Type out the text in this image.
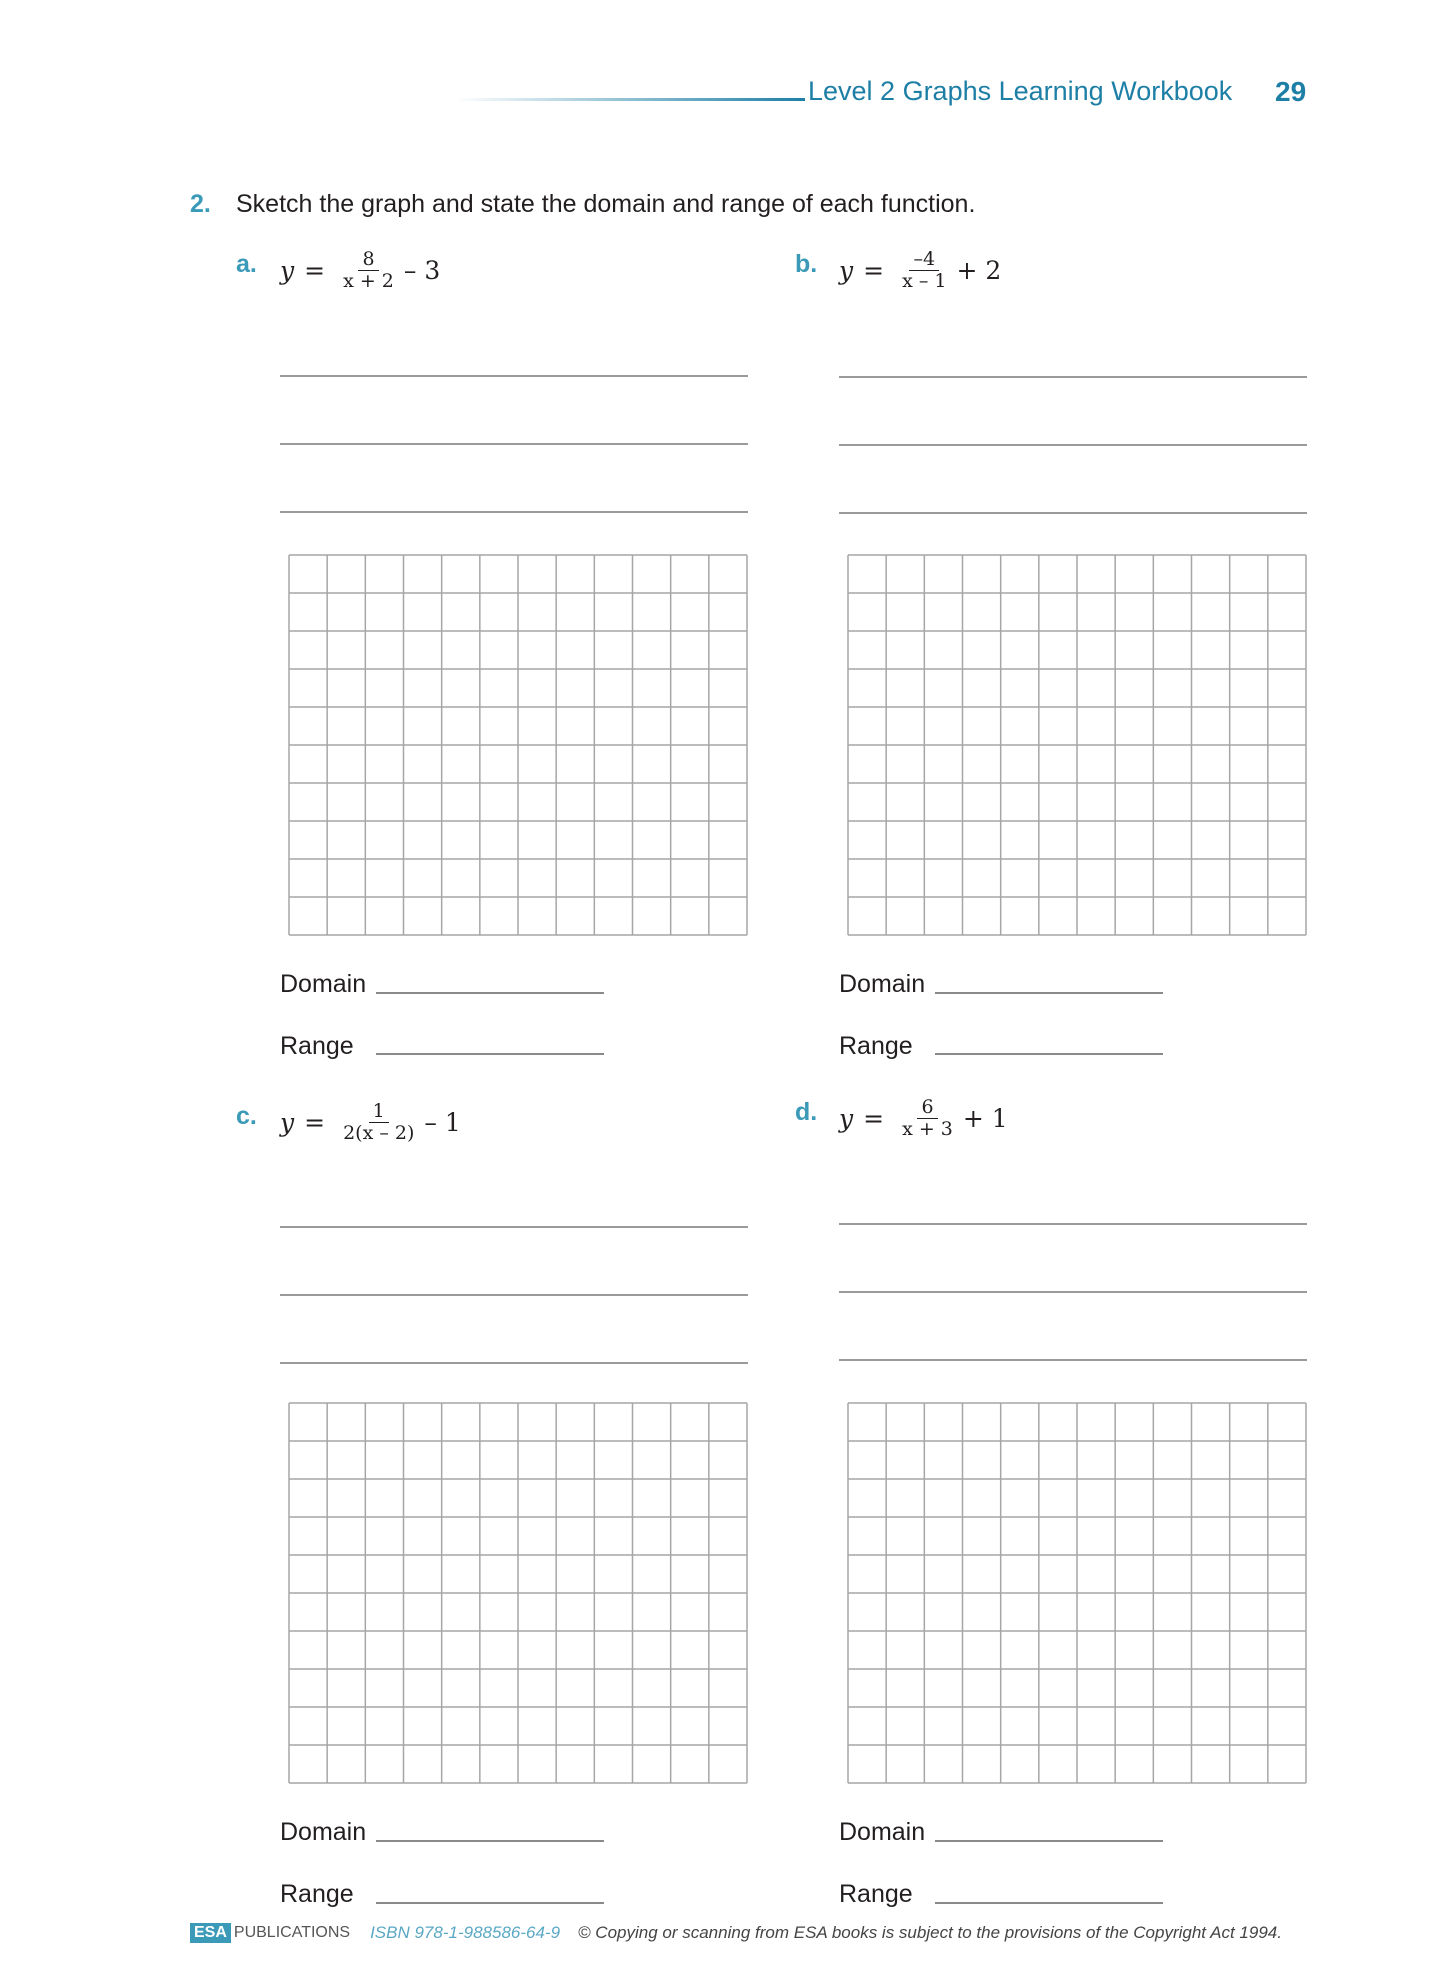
Level 2 Graphs Learning Workbook 29
2. Sketch the graph and state the domain and range of each function.
a. $y = \frac{8}{x + 2} - 3$
Domain
Range
b. $y = \frac{-4}{x - 1} + 2$
Domain
Range
c. $y = \frac{1}{2(x - 2)} - 1$
Domain
Range
d. $y = \frac{6}{x + 3} + 1$
Domain
Range
ESA PUBLICATIONS ISBN 978-1-988586-64-9 © Copying or scanning from ESA books is subject to the provisions of the Copyright Act 1994.
